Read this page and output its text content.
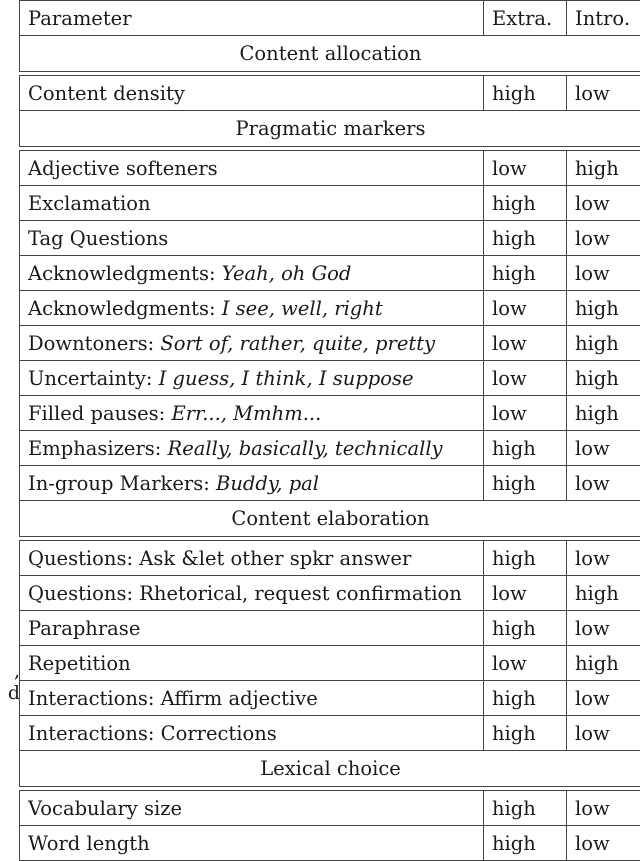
,
d
Parameter	Extra.	Intro.
Content allocation		

Content density	high	low
Pragmatic markers		

Adjective softeners	low	high
Exclamation	high	low
Tag Questions	high	low
Acknowledgments: Yeah, oh God	high	low
Acknowledgments: I see, well, right	low	high
Downtoners: Sort of, rather, quite, pretty	low	high
Uncertainty: I guess, I think, I suppose	low	high
Filled pauses: Err..., Mmhm...	low	high
Emphasizers: Really, basically, technically	high	low
In-group Markers: Buddy, pal	high	low
Content elaboration		

Questions: Ask &let other spkr answer	high	low
Questions: Rhetorical, request confirmation	low	high
Paraphrase	high	low
Repetition	low	high
Interactions: Affirm adjective	high	low
Interactions: Corrections	high	low
Lexical choice		

Vocabulary size	high	low
Word length	high	low
